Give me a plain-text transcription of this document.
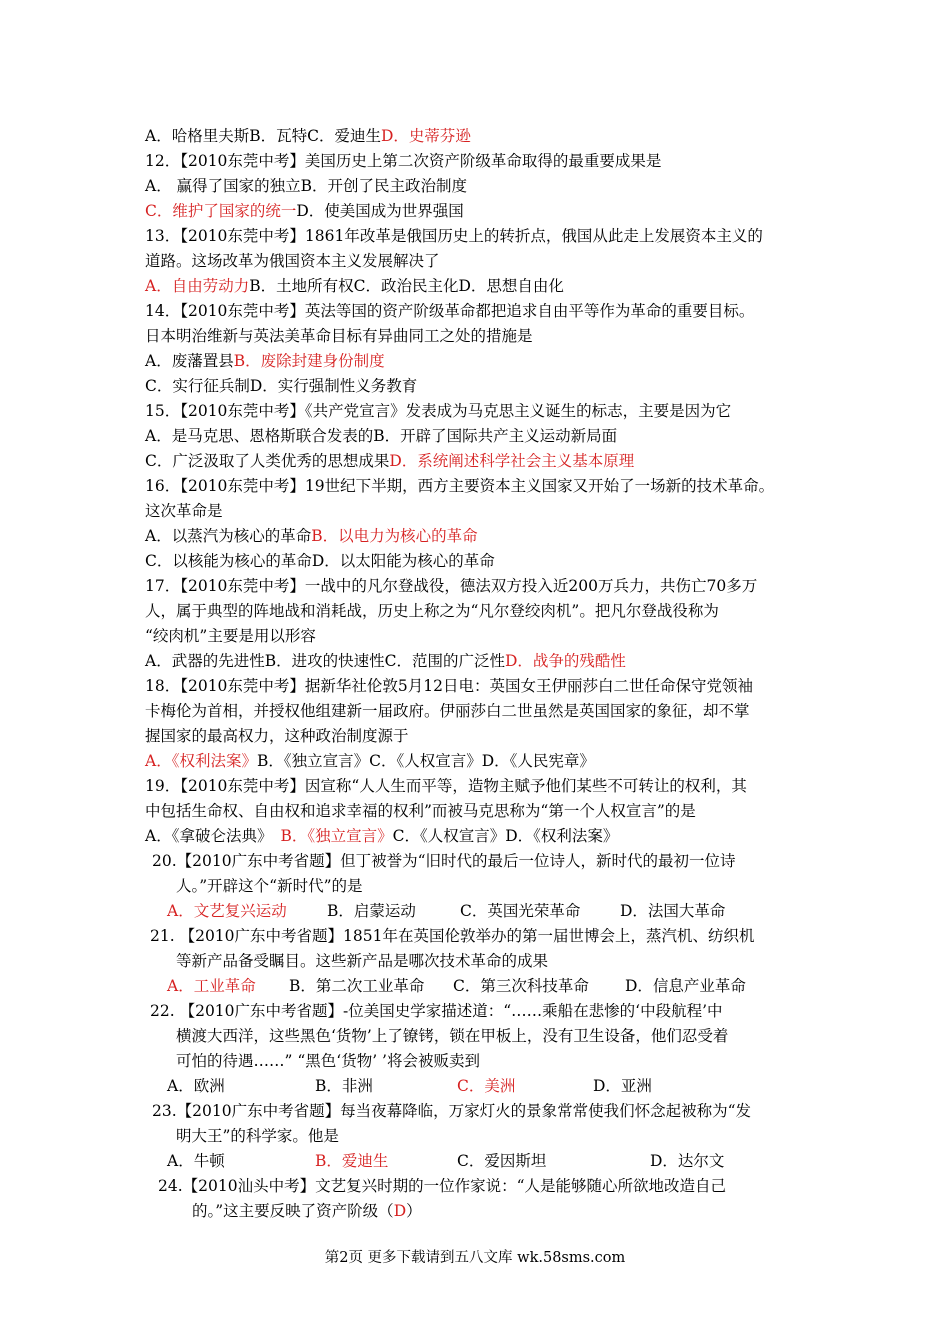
A．哈格里夫斯B．瓦特C．爱迪生D．史蒂芬逊
12．【2010东莞中考】美国历史上第二次资产阶级革命取得的最重要成果是
A． 赢得了国家的独立B．开创了民主政治制度
C．维护了国家的统一D．使美国成为世界强国
13．【2010东莞中考】1861年改革是俄国历史上的转折点，俄国从此走上发展资本主义的
道路。这场改革为俄国资本主义发展解决了
A．自由劳动力B．土地所有权C．政治民主化D．思想自由化
14．【2010东莞中考】英法等国的资产阶级革命都把追求自由平等作为革命的重要目标。
日本明治维新与英法美革命目标有异曲同工之处的措施是
A．废藩置县B．废除封建身份制度
C．实行征兵制D．实行强制性义务教育
15．【2010东莞中考】《共产党宣言》发表成为马克思主义诞生的标志，主要是因为它
A．是马克思、恩格斯联合发表的B．开辟了国际共产主义运动新局面
C．广泛汲取了人类优秀的思想成果D．系统阐述科学社会主义基本原理
16．【2010东莞中考】19世纪下半期，西方主要资本主义国家又开始了一场新的技术革命。
这次革命是
A．以蒸汽为核心的革命B．以电力为核心的革命
C．以核能为核心的革命D．以太阳能为核心的革命
17．【2010东莞中考】一战中的凡尔登战役，德法双方投入近200万兵力，共伤亡70多万
人，属于典型的阵地战和消耗战，历史上称之为“凡尔登绞肉机”。把凡尔登战役称为
“绞肉机”主要是用以形容
A．武器的先进性B．进攻的快速性C．范围的广泛性D．战争的残酷性
18．【2010东莞中考】据新华社伦敦5月12日电：英国女王伊丽莎白二世任命保守党领袖
卡梅伦为首相，并授权他组建新一届政府。伊丽莎白二世虽然是英国国家的象征，却不掌
握国家的最高权力，这种政治制度源于
A．《权利法案》B．《独立宣言》C．《人权宣言》D．《人民宪章》
19．【2010东莞中考】因宣称“人人生而平等，造物主赋予他们某些不可转让的权利，其
中包括生命权、自由权和追求幸福的权利”而被马克思称为“第一个人权宣言”的是
A．《拿破仑法典》 B．《独立宣言》C．《人权宣言》D．《权利法案》
20.【2010广东中考省题】但丁被誉为“旧时代的最后一位诗人，新时代的最初一位诗
人。”开辟这个“新时代”的是
A．文艺复兴运动	B．启蒙运动	C．英国光荣革命	D．法国大革命
21. 【2010广东中考省题】1851年在英国伦敦举办的第一届世博会上，蒸汽机、纺织机
等新产品备受瞩目。这些新产品是哪次技术革命的成果
A．工业革命 B．第二次工业革命 C．第三次科技革命 D．信息产业革命
22. 【2010广东中考省题】-位美国史学家描述道：“……乘船在悲惨的‘中段航程’中
横渡大西洋，这些黑色‘货物’上了镣铐，锁在甲板上，没有卫生设备，他们忍受着
可怕的待遇……” “黑色‘货物’ ’将会被贩卖到
A．欧洲	B．非洲	C．美洲	D．亚洲
23.【2010广东中考省题】每当夜幕降临，万家灯火的景象常常使我们怀念起被称为“发
明大王”的科学家。他是
A．牛顿	B．爱迪生	C．爱因斯坦	D．达尔文
24.【2010汕头中考】文艺复兴时期的一位作家说：“人是能够随心所欲地改造自己
的。”这主要反映了资产阶级（D）
第2页 更多下载请到五八文库 wk.58sms.com
